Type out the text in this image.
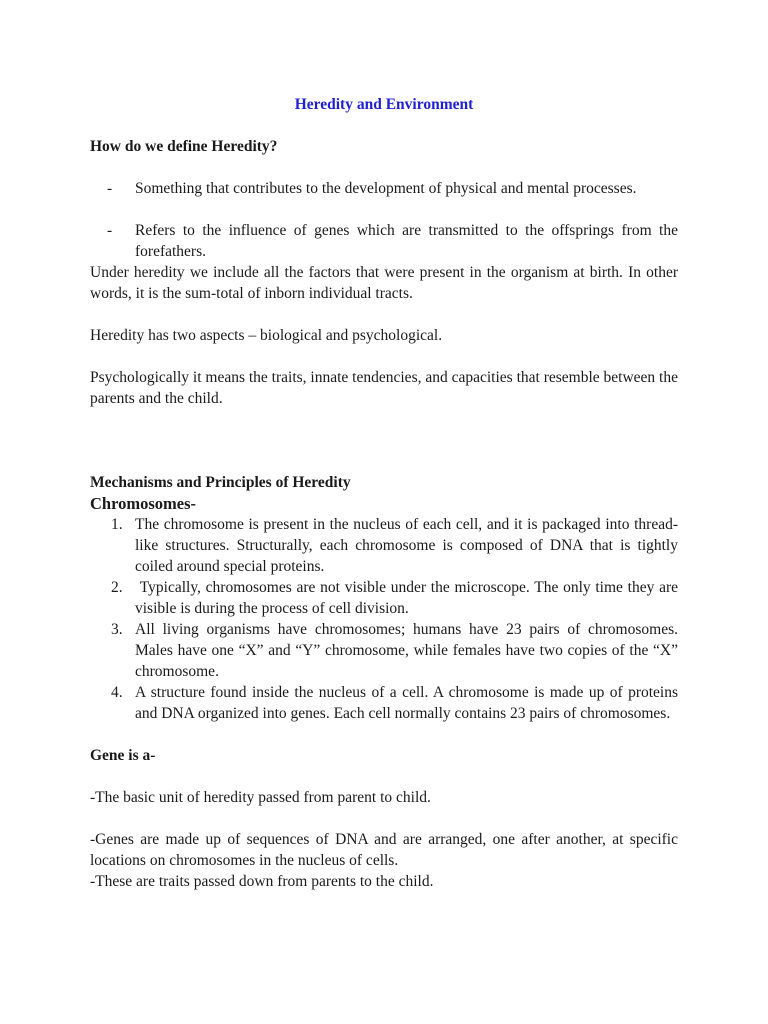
Heredity and Environment

How do we define Heredity?

- Something that contributes to the development of physical and mental processes.
- Refers to the influence of genes which are transmitted to the offsprings from the forefathers.

Under heredity we include all the factors that were present in the organism at birth. In other words, it is the sum-total of inborn individual tracts.

Heredity has two aspects – biological and psychological.

Psychologically it means the traits, innate tendencies, and capacities that resemble between the parents and the child.

Mechanisms and Principles of Heredity

Chromosomes-

1. The chromosome is present in the nucleus of each cell, and it is packaged into thread-like structures. Structurally, each chromosome is composed of DNA that is tightly coiled around special proteins.
2. Typically, chromosomes are not visible under the microscope. The only time they are visible is during the process of cell division.
3. All living organisms have chromosomes; humans have 23 pairs of chromosomes. Males have one “X” and “Y” chromosome, while females have two copies of the “X” chromosome.
4. A structure found inside the nucleus of a cell. A chromosome is made up of proteins and DNA organized into genes. Each cell normally contains 23 pairs of chromosomes.

Gene is a-

-The basic unit of heredity passed from parent to child.

-Genes are made up of sequences of DNA and are arranged, one after another, at specific locations on chromosomes in the nucleus of cells.

-These are traits passed down from parents to the child.
